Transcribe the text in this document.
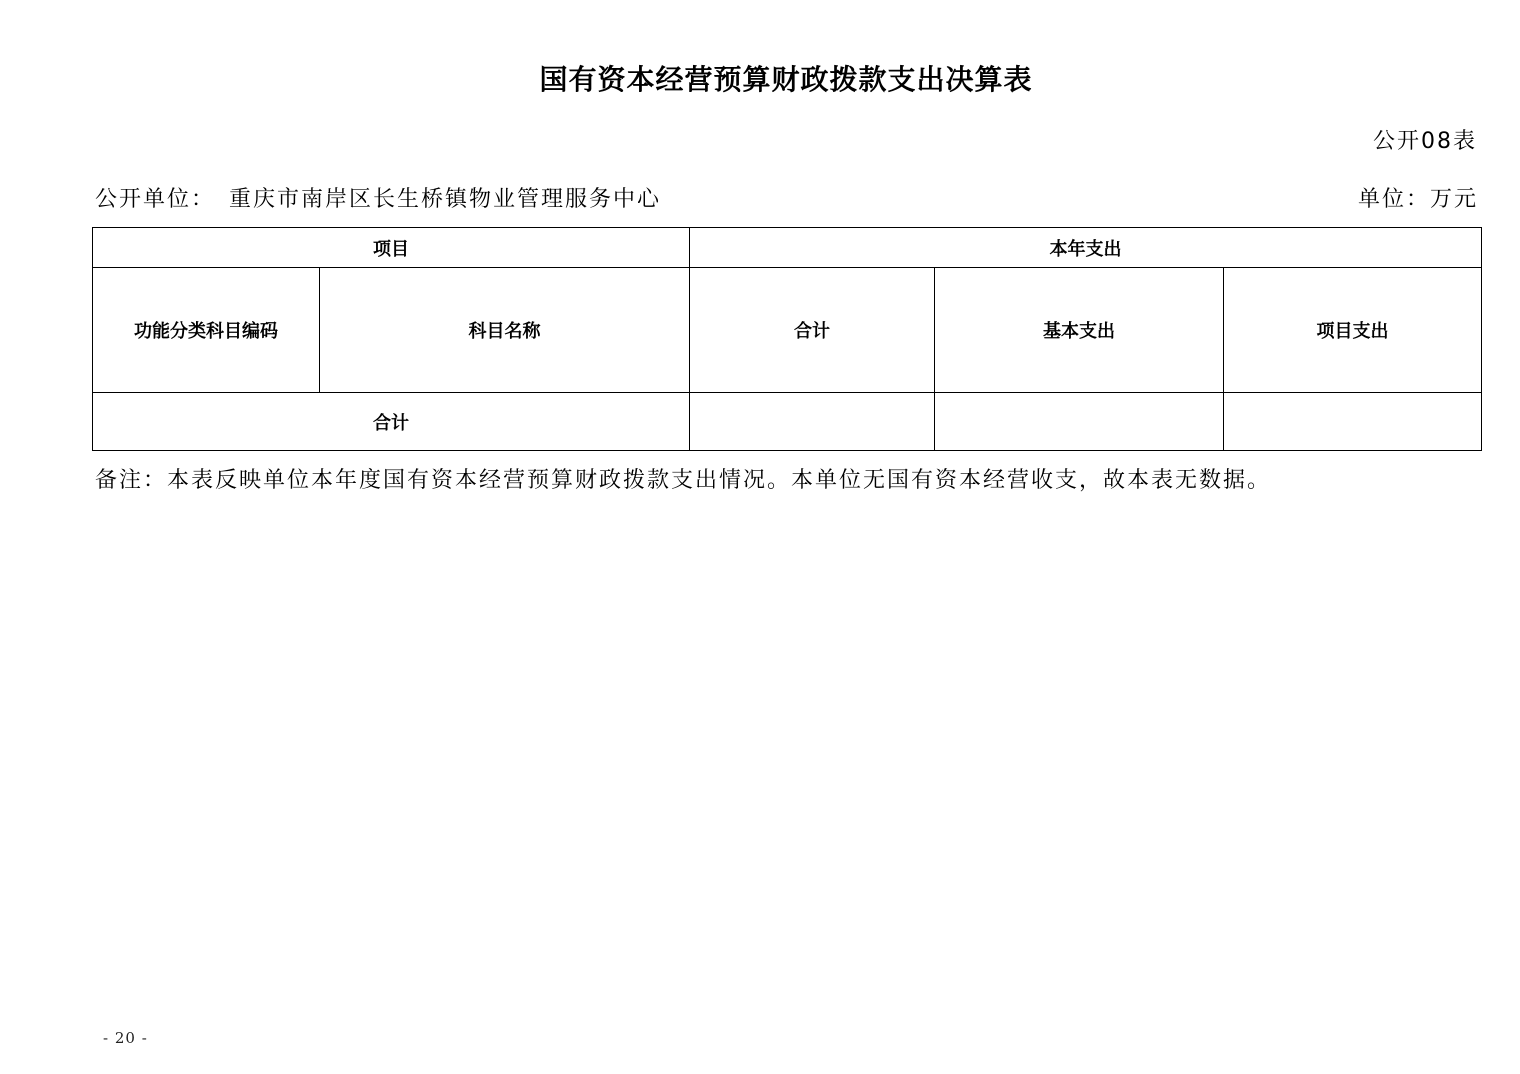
国有资本经营预算财政拨款支出决算表
公开08表
公开单位： 重庆市南岸区长生桥镇物业管理服务中心	单位：万元
项目		本年支出		
功能分类科目编码	科目名称	合计	基本支出	项目支出
合计				
备注：本表反映单位本年度国有资本经营预算财政拨款支出情况。本单位无国有资本经营收支，故本表无数据。
- 20 -
